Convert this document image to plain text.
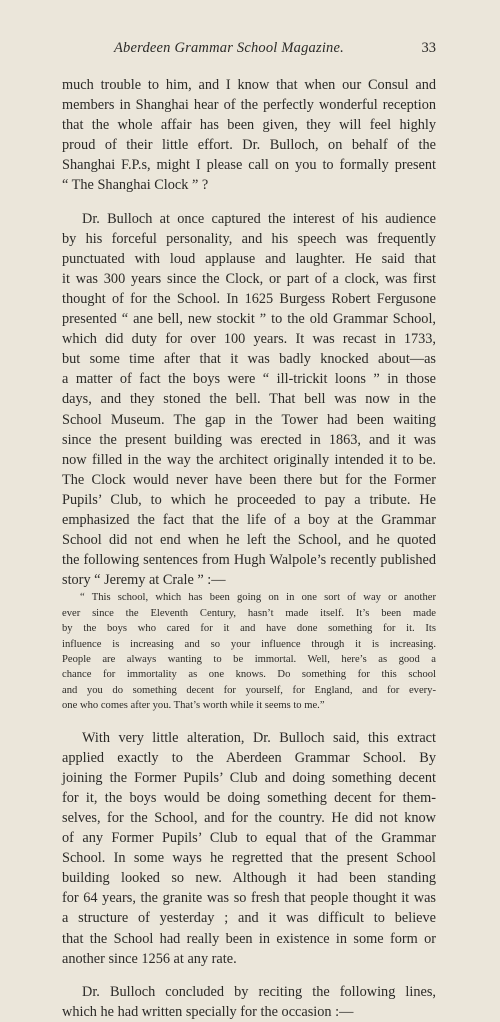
Aberdeen Grammar School Magazine.	33

much trouble to him, and I know that when our Consul and
members in Shanghai hear of the perfectly wonderful reception
that the whole affair has been given, they will feel highly
proud of their little effort. Dr. Bulloch, on behalf of the
Shanghai F.P.s, might I please call on you to formally present
“ The Shanghai Clock ” ?

Dr. Bulloch at once captured the interest of his audience
by his forceful personality, and his speech was frequently
punctuated with loud applause and laughter. He said that
it was 300 years since the Clock, or part of a clock, was first
thought of for the School. In 1625 Burgess Robert Fergusone
presented “ ane bell, new stockit ” to the old Grammar School,
which did duty for over 100 years. It was recast in 1733,
but some time after that it was badly knocked about—as
a matter of fact the boys were “ ill-trickit loons ” in those
days, and they stoned the bell. That bell was now in the
School Museum. The gap in the Tower had been waiting
since the present building was erected in 1863, and it was
now filled in the way the architect originally intended it to be.
The Clock would never have been there but for the Former
Pupils’ Club, to which he proceeded to pay a tribute. He
emphasized the fact that the life of a boy at the Grammar
School did not end when he left the School, and he quoted
the following sentences from Hugh Walpole’s recently published
story “ Jeremy at Crale ” :—

“ This school, which has been going on in one sort of way or another
ever since the Eleventh Century, hasn’t made itself. It’s been made
by the boys who cared for it and have done something for it. Its
influence is increasing and so your influence through it is increasing.
People are always wanting to be immortal. Well, here’s as good a
chance for immortality as one knows. Do something for this school
and you do something decent for yourself, for England, and for every-
one who comes after you. That’s worth while it seems to me.”

With very little alteration, Dr. Bulloch said, this extract
applied exactly to the Aberdeen Grammar School. By
joining the Former Pupils’ Club and doing something decent
for it, the boys would be doing something decent for them-
selves, for the School, and for the country. He did not know
of any Former Pupils’ Club to equal that of the Grammar
School. In some ways he regretted that the present School
building looked so new. Although it had been standing
for 64 years, the granite was so fresh that people thought it was
a structure of yesterday ; and it was difficult to believe
that the School had really been in existence in some form or
another since 1256 at any rate.

Dr. Bulloch concluded by reciting the following lines,
which he had written specially for the occasion :—
